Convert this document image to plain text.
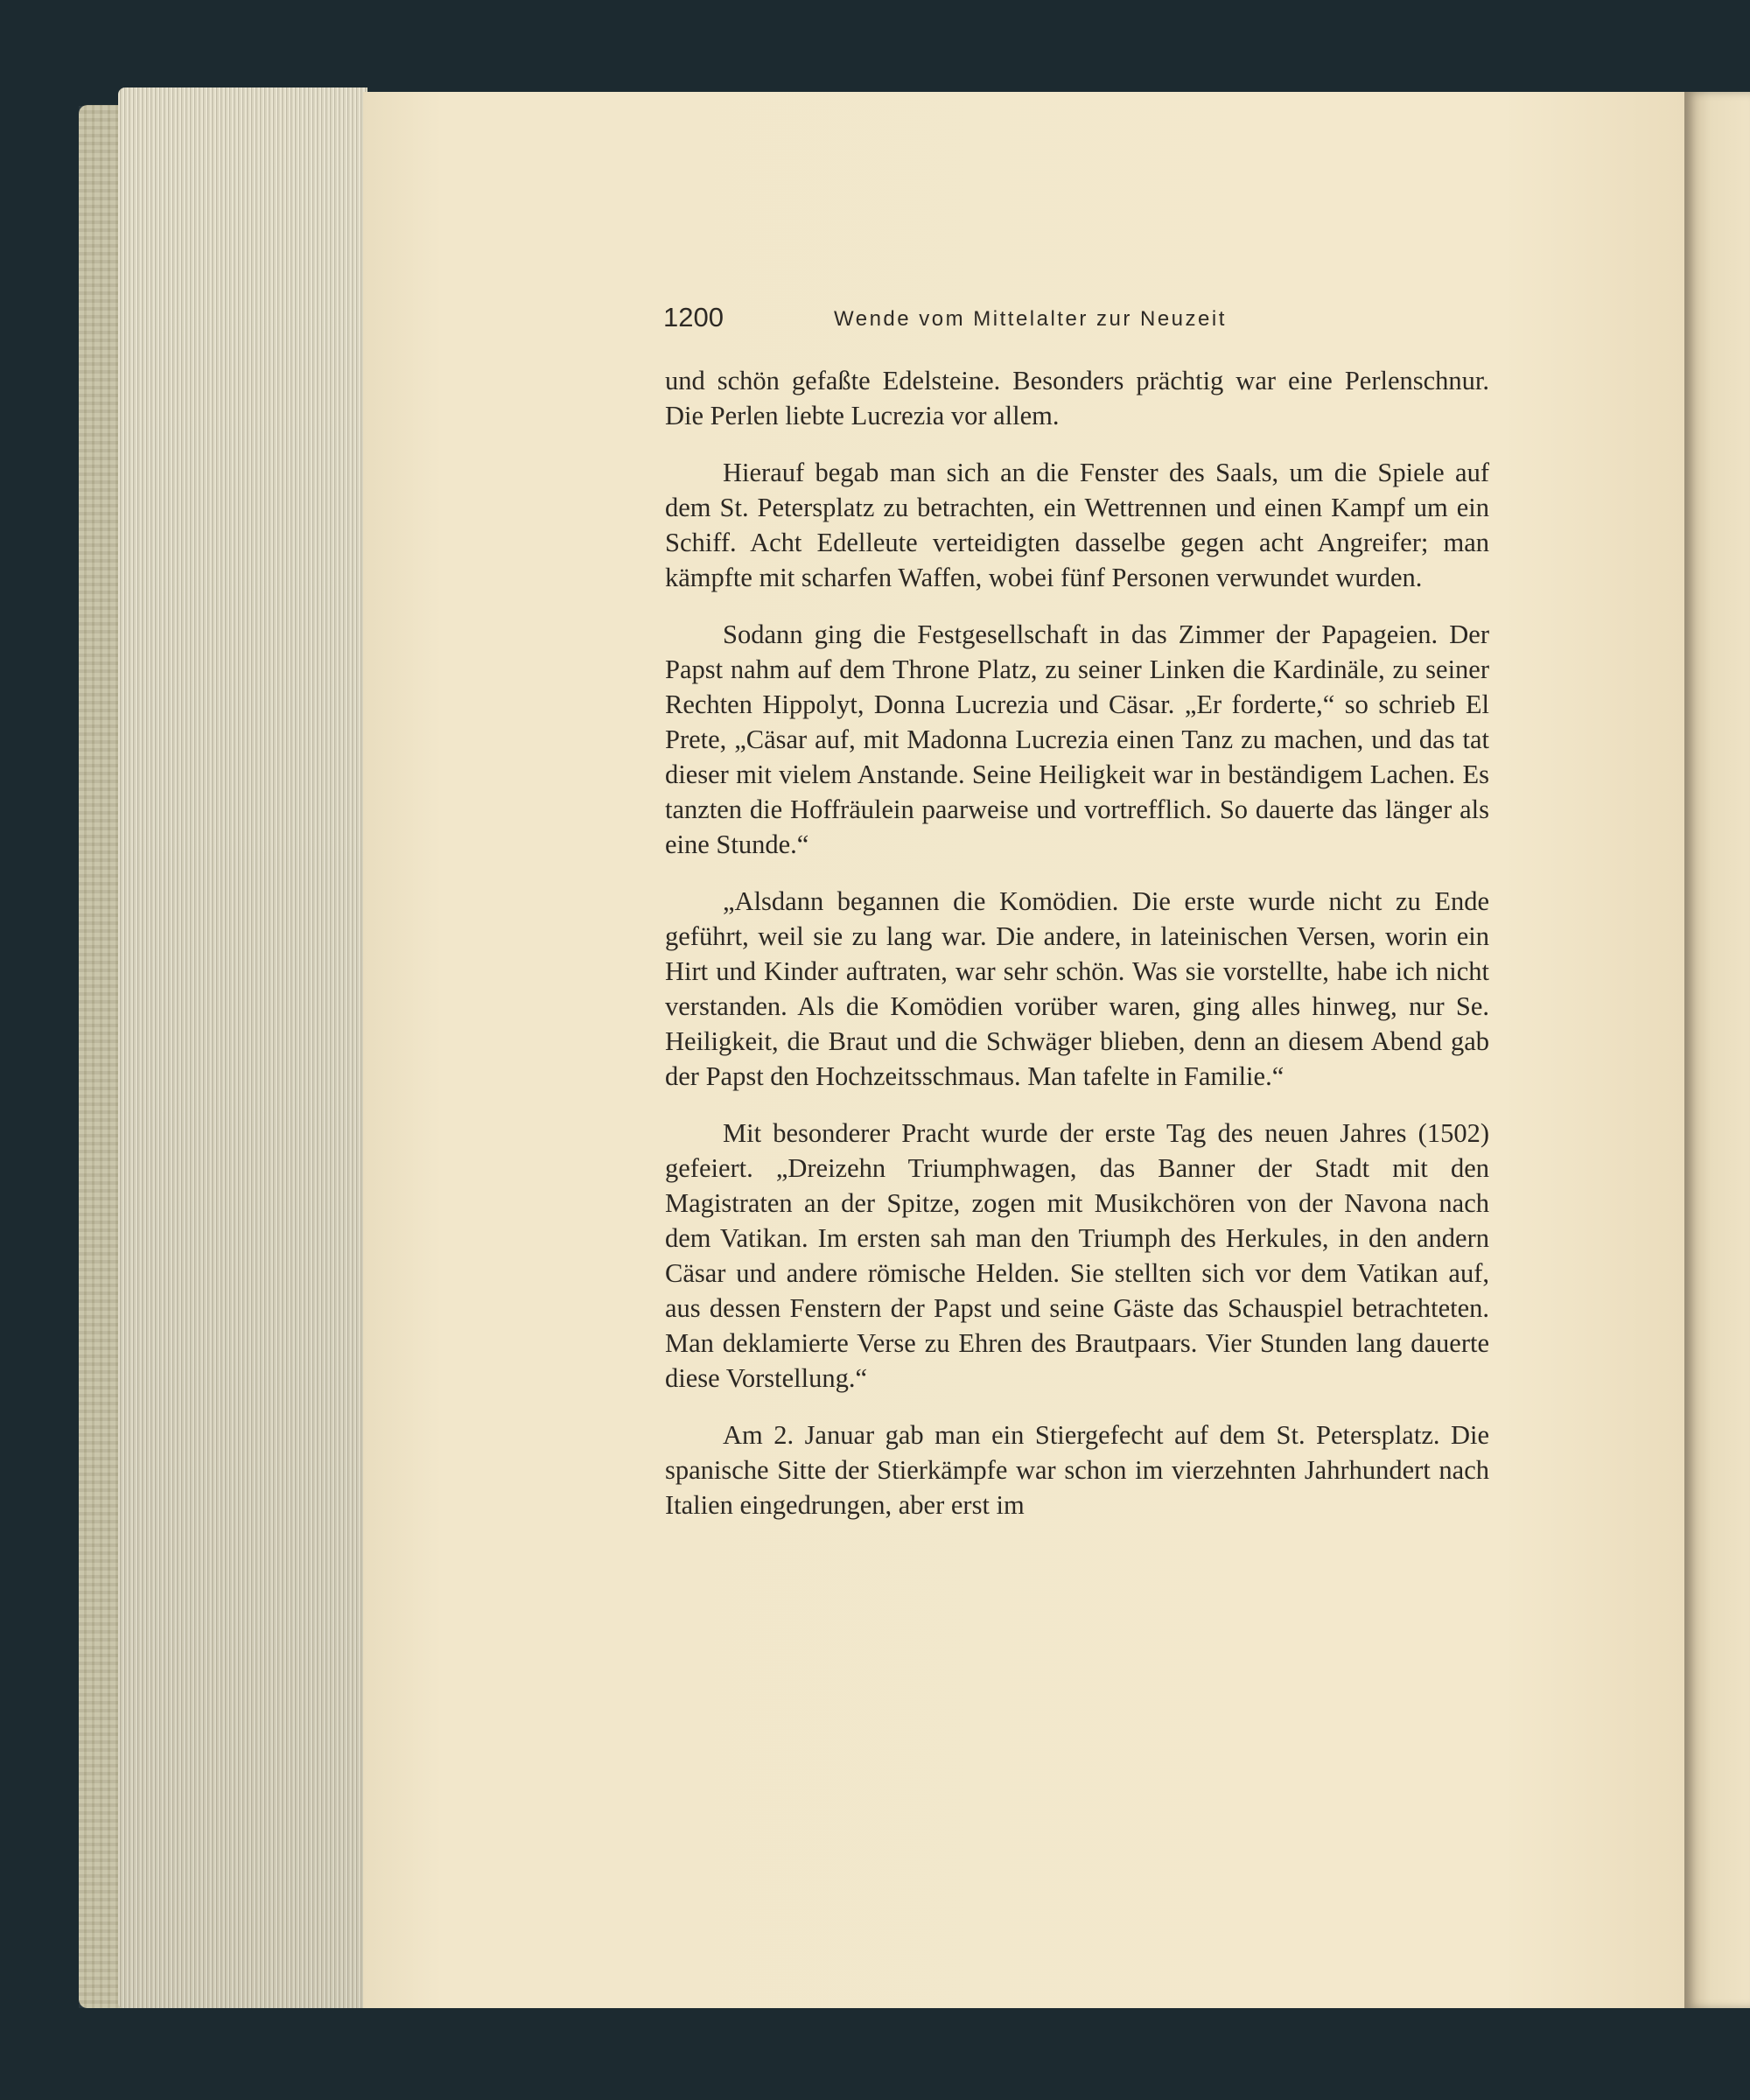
1200	Wende vom Mittelalter zur Neuzeit

und schön gefaßte Edelsteine. Besonders prächtig war eine Perlenschnur. Die Perlen liebte Lucrezia vor allem.

Hierauf begab man sich an die Fenster des Saals, um die Spiele auf dem St. Petersplatz zu betrachten, ein Wettrennen und einen Kampf um ein Schiff. Acht Edelleute verteidigten dasselbe gegen acht Angreifer; man kämpfte mit scharfen Waffen, wobei fünf Personen verwundet wurden.

Sodann ging die Festgesellschaft in das Zimmer der Papageien. Der Papst nahm auf dem Throne Platz, zu seiner Linken die Kardinäle, zu seiner Rechten Hippolyt, Donna Lucrezia und Cäsar. „Er forderte,“ so schrieb El Prete, „Cäsar auf, mit Madonna Lucrezia einen Tanz zu machen, und das tat dieser mit vielem Anstande. Seine Heiligkeit war in beständigem Lachen. Es tanzten die Hoffräulein paarweise und vortrefflich. So dauerte das länger als eine Stunde.“

„Alsdann begannen die Komödien. Die erste wurde nicht zu Ende geführt, weil sie zu lang war. Die andere, in lateinischen Versen, worin ein Hirt und Kinder auftraten, war sehr schön. Was sie vorstellte, habe ich nicht verstanden. Als die Komödien vorüber waren, ging alles hinweg, nur Se. Heiligkeit, die Braut und die Schwäger blieben, denn an diesem Abend gab der Papst den Hochzeitsschmaus. Man tafelte in Familie.“

Mit besonderer Pracht wurde der erste Tag des neuen Jahres (1502) gefeiert. „Dreizehn Triumphwagen, das Banner der Stadt mit den Magistraten an der Spitze, zogen mit Musikchören von der Navona nach dem Vatikan. Im ersten sah man den Triumph des Herkules, in den andern Cäsar und andere römische Helden. Sie stellten sich vor dem Vatikan auf, aus dessen Fenstern der Papst und seine Gäste das Schauspiel betrachteten. Man deklamierte Verse zu Ehren des Brautpaars. Vier Stunden lang dauerte diese Vorstellung.“

Am 2. Januar gab man ein Stiergefecht auf dem St. Petersplatz. Die spanische Sitte der Stierkämpfe war schon im vierzehnten Jahrhundert nach Italien eingedrungen, aber erst im
